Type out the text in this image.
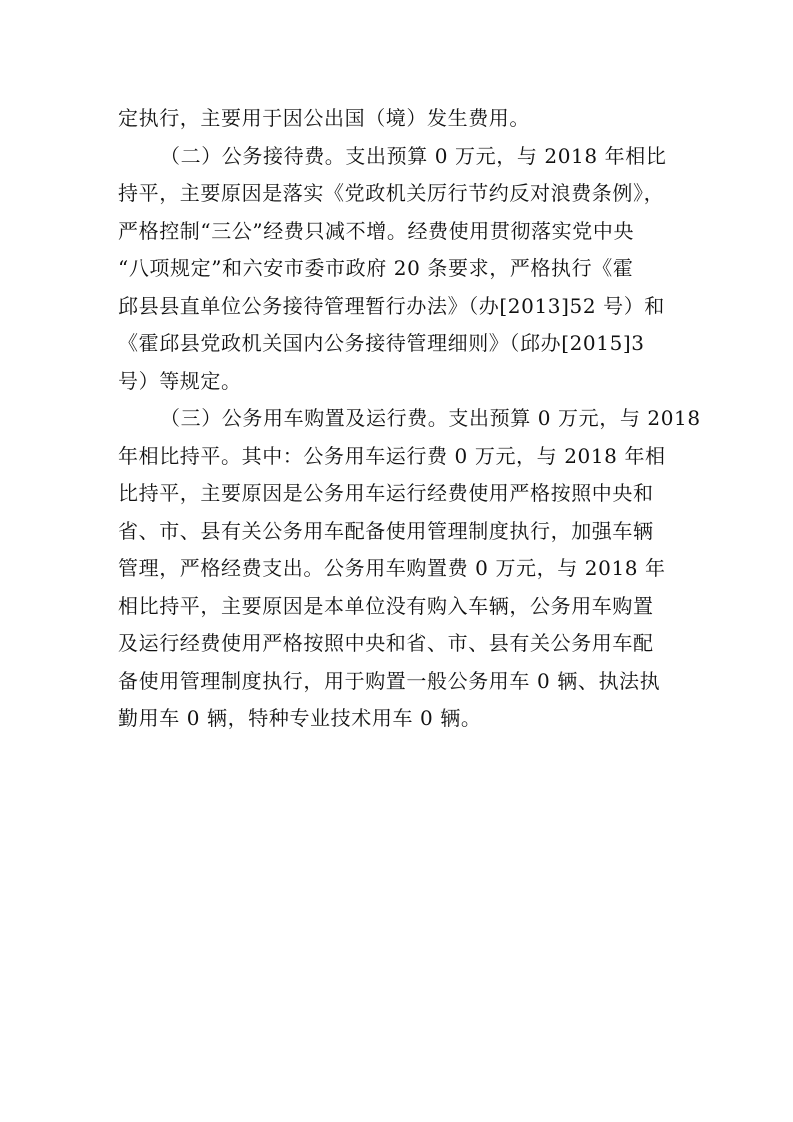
定执行，主要用于因公出国（境）发生费用。

（二）公务接待费。支出预算 0 万元，与 2018 年相比
持平，主要原因是落实《党政机关厉行节约反对浪费条例》，
严格控制“三公”经费只减不增。经费使用贯彻落实党中央
“八项规定”和六安市委市政府 20 条要求，严格执行《霍
邱县县直单位公务接待管理暂行办法》（办[2013]52 号）和
《霍邱县党政机关国内公务接待管理细则》（邱办[2015]3
号）等规定。

（三）公务用车购置及运行费。支出预算 0 万元，与 2018
年相比持平。其中：公务用车运行费 0 万元，与 2018 年相
比持平，主要原因是公务用车运行经费使用严格按照中央和
省、市、县有关公务用车配备使用管理制度执行，加强车辆
管理，严格经费支出。公务用车购置费 0 万元，与 2018 年
相比持平，主要原因是本单位没有购入车辆，公务用车购置
及运行经费使用严格按照中央和省、市、县有关公务用车配
备使用管理制度执行，用于购置一般公务用车 0 辆、执法执
勤用车 0 辆，特种专业技术用车 0 辆。
